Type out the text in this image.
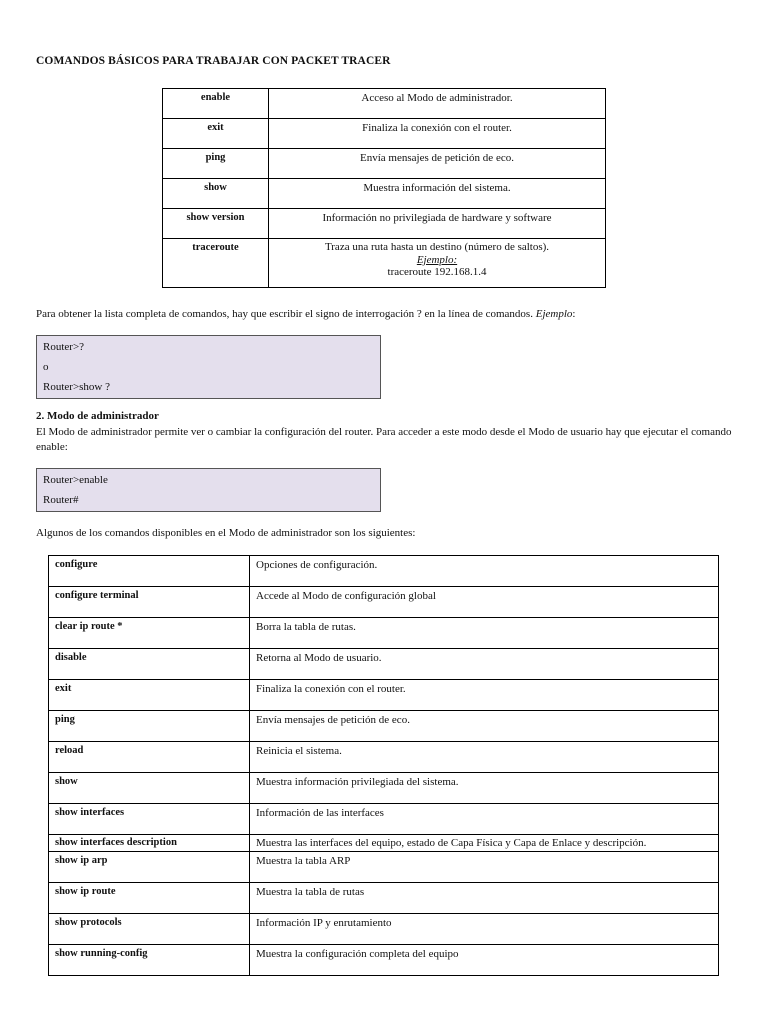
COMANDOS BÁSICOS PARA TRABAJAR CON PACKET TRACER
enable	Acceso al Modo de administrador.
exit	Finaliza la conexión con el router.
ping	Envía mensajes de petición de eco.
show	Muestra información del sistema.
show version	Información no privilegiada de hardware y software
traceroute	Traza una ruta hasta un destino (número de saltos).
Ejemplo:
traceroute 192.168.1.4
Para obtener la lista completa de comandos, hay que escribir el signo de interrogación ? en la línea de comandos. Ejemplo:
Router>?
o
Router>show ?
2. Modo de administrador
El Modo de administrador permite ver o cambiar la configuración del router. Para acceder a este modo desde el Modo de usuario hay que ejecutar el comando enable:
Router>enable
Router#
Algunos de los comandos disponibles en el Modo de administrador son los siguientes:
configure	Opciones de configuración.
configure terminal	Accede al Modo de configuración global
clear ip route *	Borra la tabla de rutas.
disable	Retorna al Modo de usuario.
exit	Finaliza la conexión con el router.
ping	Envía mensajes de petición de eco.
reload	Reinicia el sistema.
show	Muestra información privilegiada del sistema.
show interfaces	Información de las interfaces
show interfaces description	Muestra las interfaces del equipo, estado de Capa Física y Capa de Enlace y descripción.
show ip arp	Muestra la tabla ARP
show ip route	Muestra la tabla de rutas
show protocols	Información IP y enrutamiento
show running-config	Muestra la configuración completa del equipo
